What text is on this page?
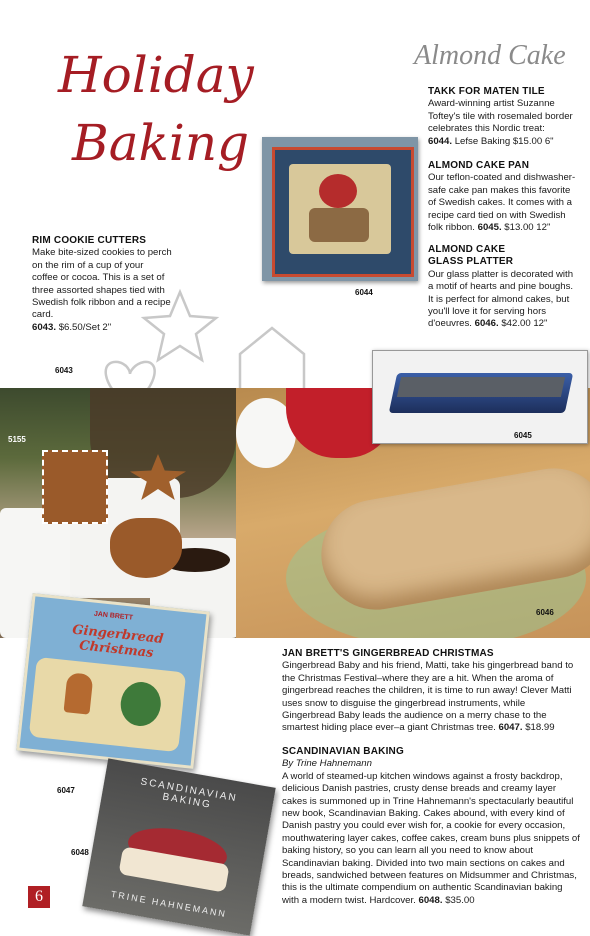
Holiday
Baking
Almond Cake
TAKK FOR MATEN TILE
Award-winning artist Suzanne Toftey's tile with rosemaled border celebrates this Nordic treat:
6044. Lefse Baking $15.00 6"
ALMOND CAKE PAN
Our teflon-coated and dishwasher-safe cake pan makes this favorite of Swedish cakes. It comes with a recipe card tied on with Swedish folk ribbon. 6045. $13.00 12"
ALMOND CAKE
GLASS PLATTER
Our glass platter is decorated with a motif of hearts and pine boughs. It is perfect for almond cakes, but you'll love it for serving hors d'oeuvres. 6046. $42.00 12"
6044
RIM COOKIE CUTTERS
Make bite-sized cookies to perch on the rim of a cup of your coffee or cocoa. This is a set of three assorted shapes tied with Swedish folk ribbon and a recipe card.
6043. $6.50/Set 2"
6043
5155
6046
6045
JAN BRETT'S GINGERBREAD CHRISTMAS
Gingerbread Baby and his friend, Matti, take his gingerbread band to the Christmas Festival–where they are a hit. When the aroma of gingerbread reaches the children, it is time to run away! Clever Matti uses snow to disguise the gingerbread instruments, while Gingerbread Baby leads the audience on a merry chase to the smartest hiding place ever–a giant Christmas tree. 6047. $18.99
SCANDINAVIAN BAKING
By Trine Hahnemann
A world of steamed-up kitchen windows against a frosty backdrop, delicious Danish pastries, crusty dense breads and creamy layer cakes is summoned up in Trine Hahnemann's spectacularly beautiful new book, Scandinavian Baking. Cakes abound, with every kind of Danish pastry you could ever wish for, a cookie for every occasion, mouthwatering layer cakes, coffee cakes, cream buns plus snippets of baking history, so you can learn all you need to know about Scandinavian baking. Divided into two main sections on cakes and breads, sandwiched between features on Midsummer and Christmas, this is the ultimate compendium on authentic Scandinavian baking with a modern twist. Hardcover. 6048. $35.00
JAN BRETT
Gingerbread Christmas
6047	SCANDINAVIAN BAKING
TRINE HAHNEMANN
6048
6
